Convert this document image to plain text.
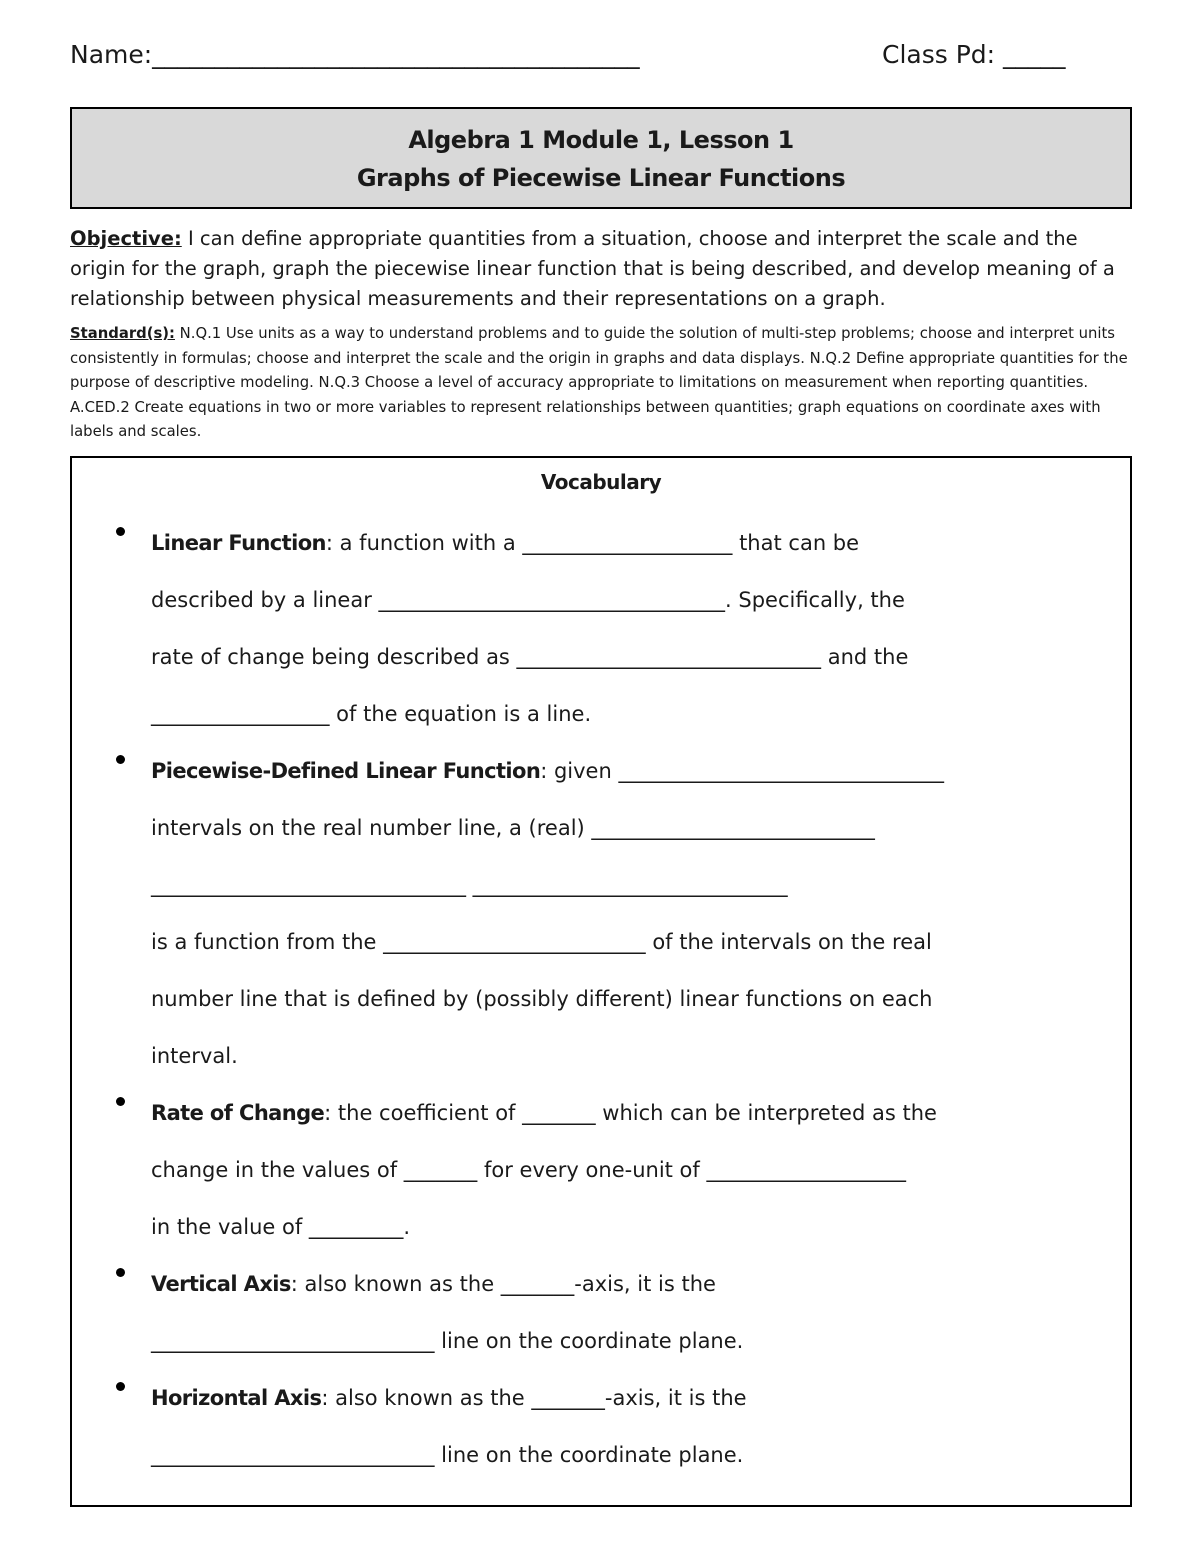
Name:_______________________________________	Class Pd: _____
Algebra 1 Module 1, Lesson 1
Graphs of Piecewise Linear Functions
Objective: I can define appropriate quantities from a situation, choose and interpret the scale and the origin for the graph, graph the piecewise linear function that is being described, and develop meaning of a relationship between physical measurements and their representations on a graph.
Standard(s): N.Q.1 Use units as a way to understand problems and to guide the solution of multi-step problems; choose and interpret units consistently in formulas; choose and interpret the scale and the origin in graphs and data displays. N.Q.2 Define appropriate quantities for the purpose of descriptive modeling. N.Q.3 Choose a level of accuracy appropriate to limitations on measurement when reporting quantities. A.CED.2 Create equations in two or more variables to represent relationships between quantities; graph equations on coordinate axes with labels and scales.
Vocabulary
Linear Function: a function with a ____________________ that can be
described by a linear _________________________________. Specifically, the
rate of change being described as _____________________________ and the
_________________ of the equation is a line.
Piecewise-Defined Linear Function: given _______________________________
intervals on the real number line, a (real) ___________________________
______________________________ ______________________________
is a function from the _________________________ of the intervals on the real
number line that is defined by (possibly different) linear functions on each
interval.
Rate of Change: the coefficient of _______ which can be interpreted as the
change in the values of _______ for every one-unit of ___________________
in the value of _________.
Vertical Axis: also known as the _______-axis, it is the
___________________________ line on the coordinate plane.
Horizontal Axis: also known as the _______-axis, it is the
___________________________ line on the coordinate plane.
